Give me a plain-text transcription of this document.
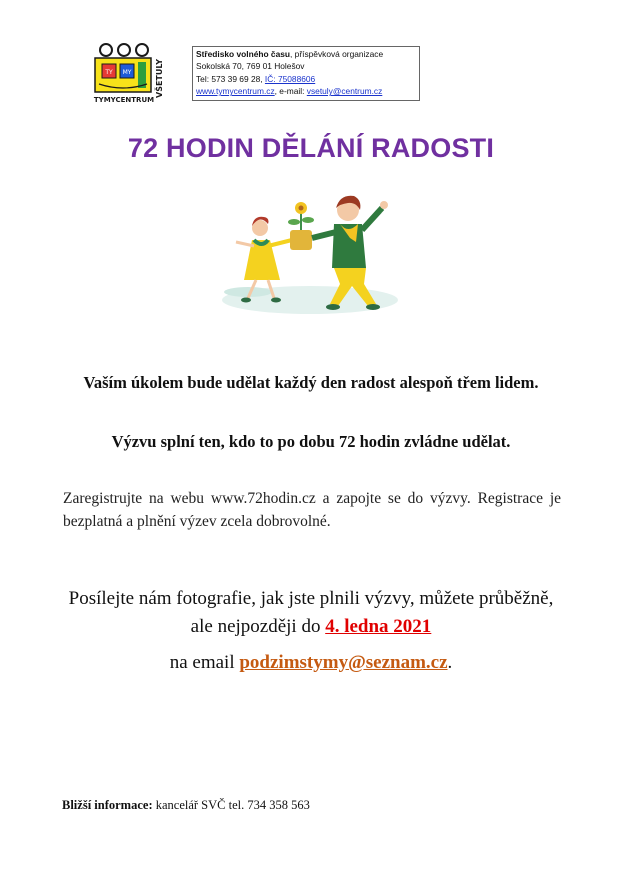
TY MY
TYMYCENTRUM
VŠETULY
Středisko volného času, příspěvková organizace
Sokolská 70, 769 01 Holešov
Tel: 573 39 69 28, IČ: 75088606
www.tymycentrum.cz, e-mail: vsetuly@centrum.cz
72 HODIN DĚLÁNÍ RADOSTI
Vaším úkolem bude udělat každý den radost alespoň třem lidem.
Výzvu splní ten, kdo to po dobu 72 hodin zvládne udělat.
Zaregistrujte na webu www.72hodin.cz a zapojte se do výzvy. Registrace je bezplatná a plnění výzev zcela dobrovolné.
Posílejte nám fotografie, jak jste plnili výzvy, můžete průběžně, ale nejpozději do 4. ledna 2021
na email podzimstymy@seznam.cz.
Bližší informace: kancelář SVČ tel. 734 358 563
